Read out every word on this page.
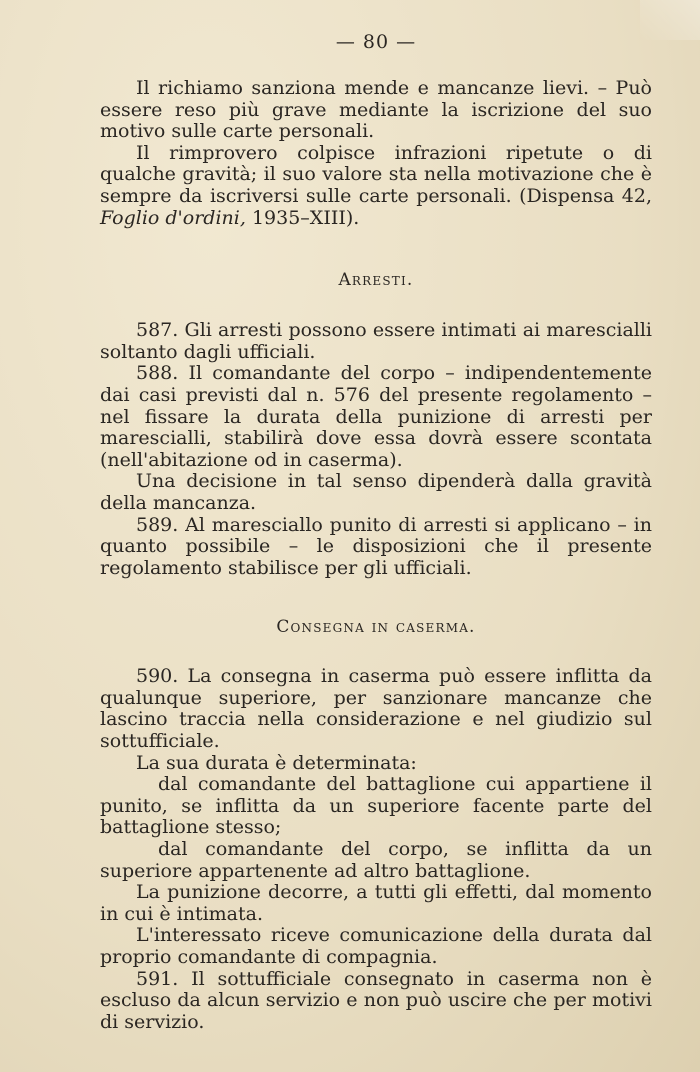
— 80 —

Il richiamo sanziona mende e mancanze lievi. – Può essere reso più grave mediante la iscrizione del suo motivo sulle carte personali.

Il rimprovero colpisce infrazioni ripetute o di qualche gravità; il suo valore sta nella motivazione che è sempre da iscriversi sulle carte personali. (Dispensa 42, Foglio d'ordini, 1935–XIII).

Arresti.

587. Gli arresti possono essere intimati ai marescialli soltanto dagli ufficiali.

588. Il comandante del corpo – indipendentemente dai casi previsti dal n. 576 del presente regolamento – nel fissare la durata della punizione di arresti per marescialli, stabilirà dove essa dovrà essere scontata (nell'abitazione od in caserma).

Una decisione in tal senso dipenderà dalla gravità della mancanza.

589. Al maresciallo punito di arresti si applicano – in quanto possibile – le disposizioni che il presente regolamento stabilisce per gli ufficiali.

Consegna in caserma.

590. La consegna in caserma può essere inflitta da qualunque superiore, per sanzionare mancanze che lascino traccia nella considerazione e nel giudizio sul sottufficiale.

La sua durata è determinata:

dal comandante del battaglione cui appartiene il punito, se inflitta da un superiore facente parte del battaglione stesso;

dal comandante del corpo, se inflitta da un superiore appartenente ad altro battaglione.

La punizione decorre, a tutti gli effetti, dal momento in cui è intimata.

L'interessato riceve comunicazione della durata dal proprio comandante di compagnia.

591. Il sottufficiale consegnato in caserma non è escluso da alcun servizio e non può uscire che per motivi di servizio.
